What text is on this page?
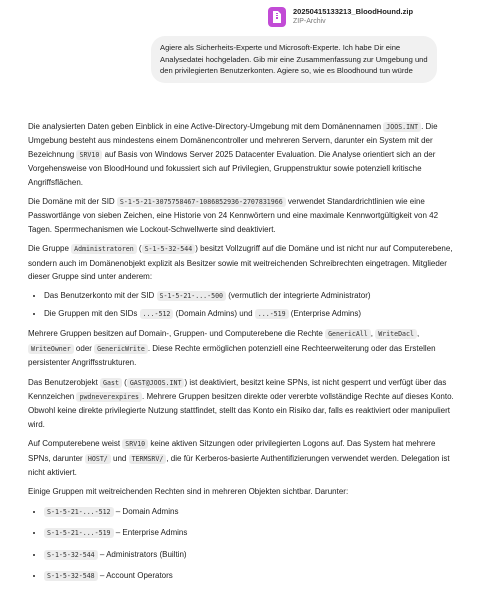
20250415133213_BloodHound.zip
ZIP-Archiv
Agiere als Sicherheits-Experte und Microsoft-Experte. Ich habe Dir eine Analysedatei hochgeladen. Gib mir eine Zusammenfassung zur Umgebung und den privilegierten Benutzerkonten. Agiere so, wie es Bloodhound tun würde

Die analysierten Daten geben Einblick in eine Active-Directory-Umgebung mit dem Domänennamen JOOS.INT . Die Umgebung besteht aus mindestens einem Domänencontroller und mehreren Servern, darunter ein System mit der Bezeichnung SRV10 auf Basis von Windows Server 2025 Datacenter Evaluation. Die Analyse orientiert sich an der Vorgehensweise von BloodHound und fokussiert sich auf Privilegien, Gruppenstruktur sowie potenziell kritische Angriffsflächen.

Die Domäne mit der SID S-1-5-21-3075758467-1086852936-2707831966 verwendet Standardrichtlinien wie eine Passwortlänge von sieben Zeichen, eine Historie von 24 Kennwörtern und eine maximale Kennwortgültigkeit von 42 Tagen. Sperrmechanismen wie Lockout-Schwellwerte sind deaktiviert.

Die Gruppe Administratoren ( S-1-5-32-544 ) besitzt Vollzugriff auf die Domäne und ist nicht nur auf Computerebene, sondern auch im Domänenobjekt explizit als Besitzer sowie mit weitreichenden Schreibrechten eingetragen. Mitglieder dieser Gruppe sind unter anderem:

• Das Benutzerkonto mit der SID S-1-5-21-...-500 (vermutlich der integrierte Administrator)
• Die Gruppen mit den SIDs ...-512 (Domain Admins) und ...-519 (Enterprise Admins)

Mehrere Gruppen besitzen auf Domain-, Gruppen- und Computerebene die Rechte GenericAll , WriteDacl , WriteOwner oder GenericWrite . Diese Rechte ermöglichen potenziell eine Rechteerweiterung oder das Erstellen persistenter Angriffsstrukturen.

Das Benutzerobjekt Gast ( GAST@JOOS.INT ) ist deaktiviert, besitzt keine SPNs, ist nicht gesperrt und verfügt über das Kennzeichen pwdneverexpires . Mehrere Gruppen besitzen direkte oder vererbte vollständige Rechte auf dieses Konto. Obwohl keine direkte privilegierte Nutzung stattfindet, stellt das Konto ein Risiko dar, falls es reaktiviert oder manipuliert wird.

Auf Computerebene weist SRV10 keine aktiven Sitzungen oder privilegierten Logons auf. Das System hat mehrere SPNs, darunter HOST/ und TERMSRV/ , die für Kerberos-basierte Authentifizierungen verwendet werden. Delegation ist nicht aktiviert.

Einige Gruppen mit weitreichenden Rechten sind in mehreren Objekten sichtbar. Darunter:

• S-1-5-21-...-512 – Domain Admins
• S-1-5-21-...-519 – Enterprise Admins
• S-1-5-32-544 – Administrators (Builtin)
• S-1-5-32-548 – Account Operators
